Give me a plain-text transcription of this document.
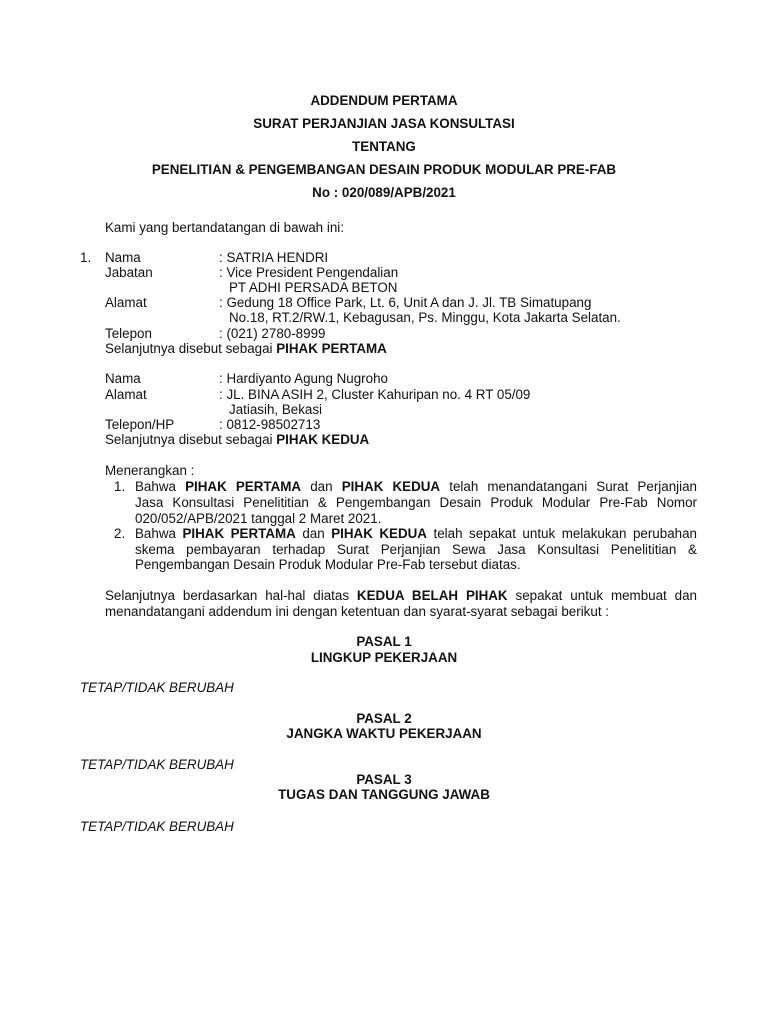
ADDENDUM PERTAMA
SURAT PERJANJIAN JASA KONSULTASI
TENTANG
PENELITIAN & PENGEMBANGAN DESAIN PRODUK MODULAR PRE-FAB
No : 020/089/APB/2021
Kami yang bertandatangan di bawah ini:
1. Nama	: SATRIA HENDRI
Jabatan	: Vice President Pengendalian
PT ADHI PERSADA BETON
Alamat	: Gedung 18 Office Park, Lt. 6, Unit A dan J. Jl. TB Simatupang
No.18, RT.2/RW.1, Kebagusan, Ps. Minggu, Kota Jakarta Selatan.
Telepon	: (021) 2780-8999
Selanjutnya disebut sebagai PIHAK PERTAMA
Nama	: Hardiyanto Agung Nugroho
Alamat	: JL. BINA ASIH 2, Cluster Kahuripan no. 4 RT 05/09
Jatiasih, Bekasi
Telepon/HP	: 0812-98502713
Selanjutnya disebut sebagai PIHAK KEDUA
Menerangkan :
1. Bahwa PIHAK PERTAMA dan PIHAK KEDUA telah menandatangani Surat Perjanjian
Jasa Konsultasi Penelititian & Pengembangan Desain Produk Modular Pre-Fab Nomor
020/052/APB/2021 tanggal 2 Maret 2021.
2. Bahwa PIHAK PERTAMA dan PIHAK KEDUA telah sepakat untuk melakukan perubahan
skema pembayaran terhadap Surat Perjanjian Sewa Jasa Konsultasi Penelititian &
Pengembangan Desain Produk Modular Pre-Fab tersebut diatas.
Selanjutnya berdasarkan hal-hal diatas KEDUA BELAH PIHAK sepakat untuk membuat dan
menandatangani addendum ini dengan ketentuan dan syarat-syarat sebagai berikut :
PASAL 1
LINGKUP PEKERJAAN
TETAP/TIDAK BERUBAH
PASAL 2
JANGKA WAKTU PEKERJAAN
TETAP/TIDAK BERUBAH
PASAL 3
TUGAS DAN TANGGUNG JAWAB
TETAP/TIDAK BERUBAH
